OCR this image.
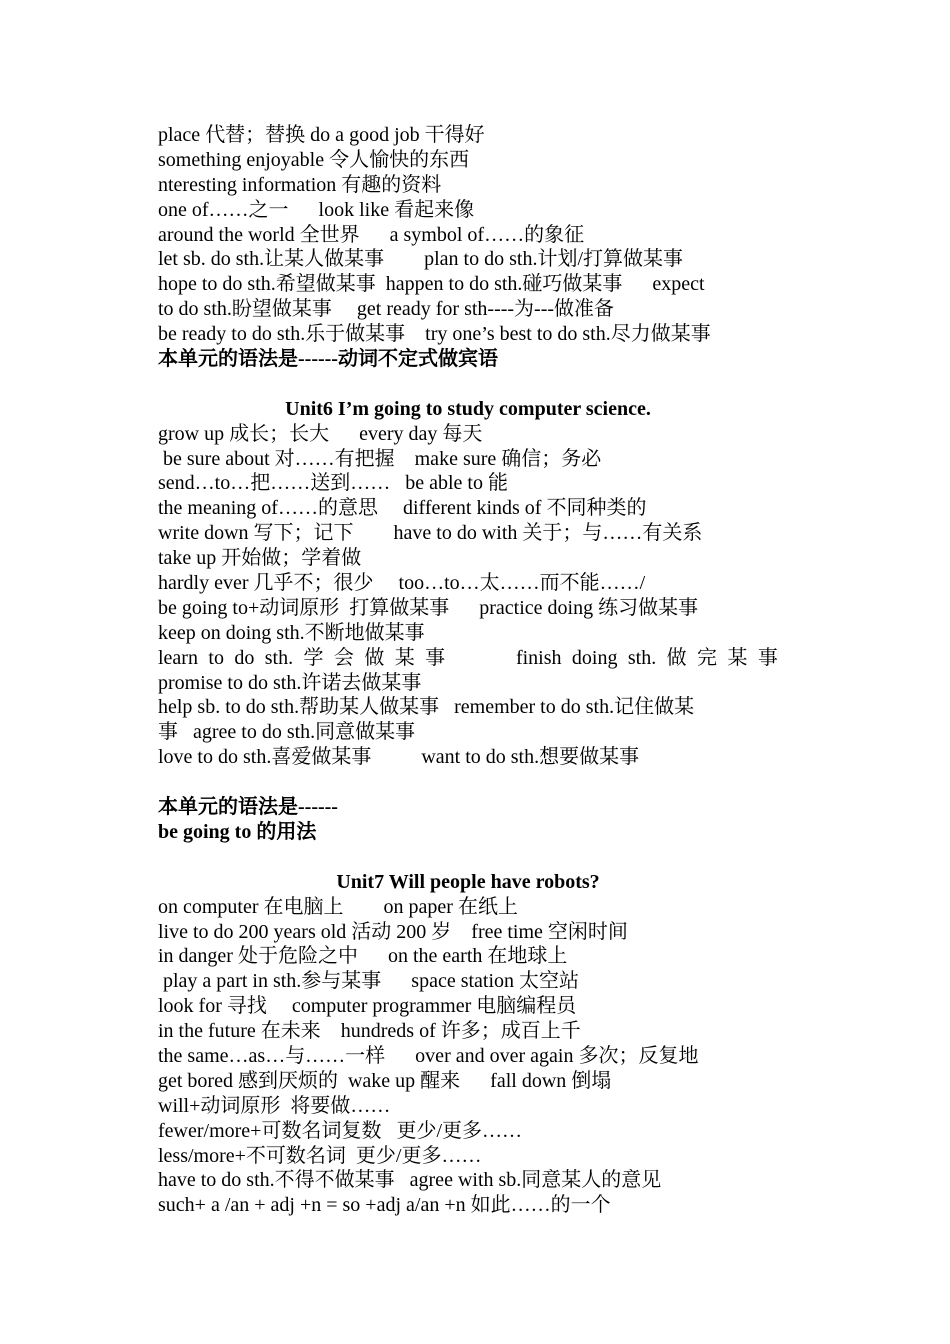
place 代替；替换 do a good job 干得好
something enjoyable 令人愉快的东西
nteresting information 有趣的资料
one of……之一      look like 看起来像
around the world 全世界      a symbol of……的象征
let sb. do sth.让某人做某事        plan to do sth.计划/打算做某事
hope to do sth.希望做某事  happen to do sth.碰巧做某事      expect
to do sth.盼望做某事     get ready for sth----为---做准备
be ready to do sth.乐于做某事    try one’s best to do sth.尽力做某事
本单元的语法是------动词不定式做宾语
Unit6 I’m going to study computer science.
grow up 成长；长大      every day 每天
be sure about 对……有把握    make sure 确信；务必
send…to…把……送到……   be able to 能
the meaning of……的意思     different kinds of 不同种类的
write down 写下；记下        have to do with 关于；与……有关系
take up 开始做；学着做
hardly ever 几乎不；很少     too…to…太……而不能……/
be going to+动词原形  打算做某事      practice doing 练习做某事
keep on doing sth.不断地做某事
learn to do sth. 学 会 做 某 事	finish doing sth. 做 完 某 事
promise to do sth.许诺去做某事
help sb. to do sth.帮助某人做某事   remember to do sth.记住做某
事   agree to do sth.同意做某事
love to do sth.喜爱做某事          want to do sth.想要做某事
本单元的语法是------
be going to 的用法
Unit7 Will people have robots?
on computer 在电脑上        on paper 在纸上
live to do 200 years old 活动 200 岁    free time 空闲时间
in danger 处于危险之中      on the earth 在地球上
play a part in sth.参与某事      space station 太空站
look for 寻找     computer programmer 电脑编程员
in the future 在未来    hundreds of 许多；成百上千
the same…as…与……一样      over and over again 多次；反复地
get bored 感到厌烦的  wake up 醒来      fall down 倒塌
will+动词原形  将要做……
fewer/more+可数名词复数   更少/更多……
less/more+不可数名词  更少/更多……
have to do sth.不得不做某事   agree with sb.同意某人的意见
such+ a /an + adj +n = so +adj a/an +n 如此……的一个
